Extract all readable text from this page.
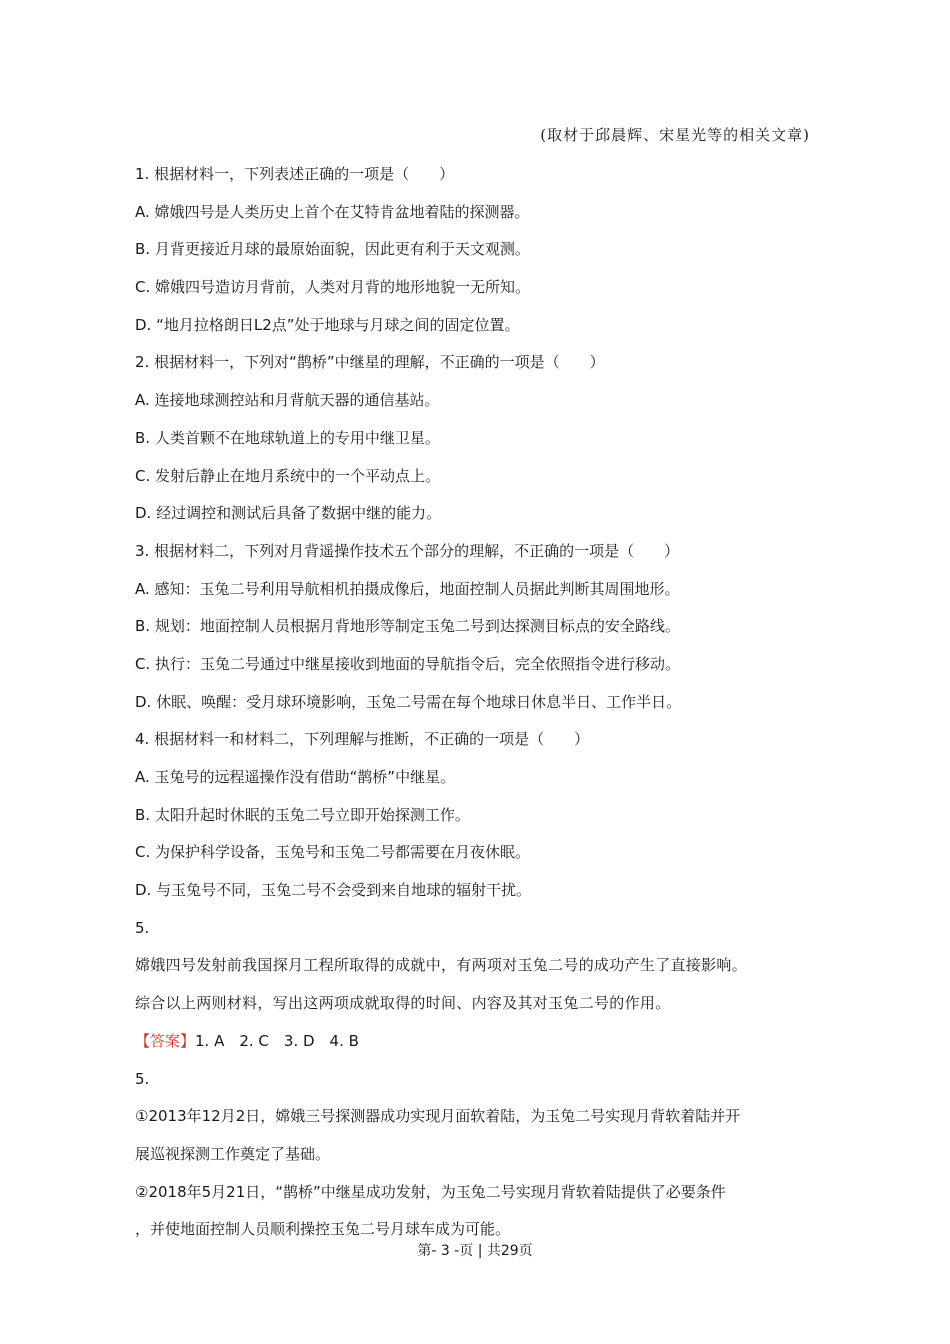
(取材于邱晨辉、宋星光等的相关文章)
1. 根据材料一，下列表述正确的一项是（　　）
A. 嫦娥四号是人类历史上首个在艾特肯盆地着陆的探测器。
B. 月背更接近月球的最原始面貌，因此更有利于天文观测。
C. 嫦娥四号造访月背前，人类对月背的地形地貌一无所知。
D. “地月拉格朗日L2点”处于地球与月球之间的固定位置。
2. 根据材料一，下列对“鹊桥”中继星的理解，不正确的一项是（　　）
A. 连接地球测控站和月背航天器的通信基站。
B. 人类首颗不在地球轨道上的专用中继卫星。
C. 发射后静止在地月系统中的一个平动点上。
D. 经过调控和测试后具备了数据中继的能力。
3. 根据材料二，下列对月背遥操作技术五个部分的理解，不正确的一项是（　　）
A. 感知：玉兔二号利用导航相机拍摄成像后，地面控制人员据此判断其周围地形。
B. 规划：地面控制人员根据月背地形等制定玉兔二号到达探测目标点的安全路线。
C. 执行：玉兔二号通过中继星接收到地面的导航指令后，完全依照指令进行移动。
D. 休眠、唤醒：受月球环境影响，玉兔二号需在每个地球日休息半日、工作半日。
4. 根据材料一和材料二，下列理解与推断，不正确的一项是（　　）
A. 玉兔号的远程遥操作没有借助“鹊桥”中继星。
B. 太阳升起时休眠的玉兔二号立即开始探测工作。
C. 为保护科学设备，玉兔号和玉兔二号都需要在月夜休眠。
D. 与玉兔号不同，玉兔二号不会受到来自地球的辐射干扰。
5.
嫦娥四号发射前我国探月工程所取得的成就中，有两项对玉兔二号的成功产生了直接影响。
综合以上两则材料，写出这两项成就取得的时间、内容及其对玉兔二号的作用。
【答案】1. A　2. C　3. D　4. B
5.
①2013年12月2日，嫦娥三号探测器成功实现月面软着陆，为玉兔二号实现月背软着陆并开
展巡视探测工作奠定了基础。
②2018年5月21日，“鹊桥”中继星成功发射，为玉兔二号实现月背软着陆提供了必要条件
，并使地面控制人员顺利操控玉兔二号月球车成为可能。
第- 3 -页 | 共29页
